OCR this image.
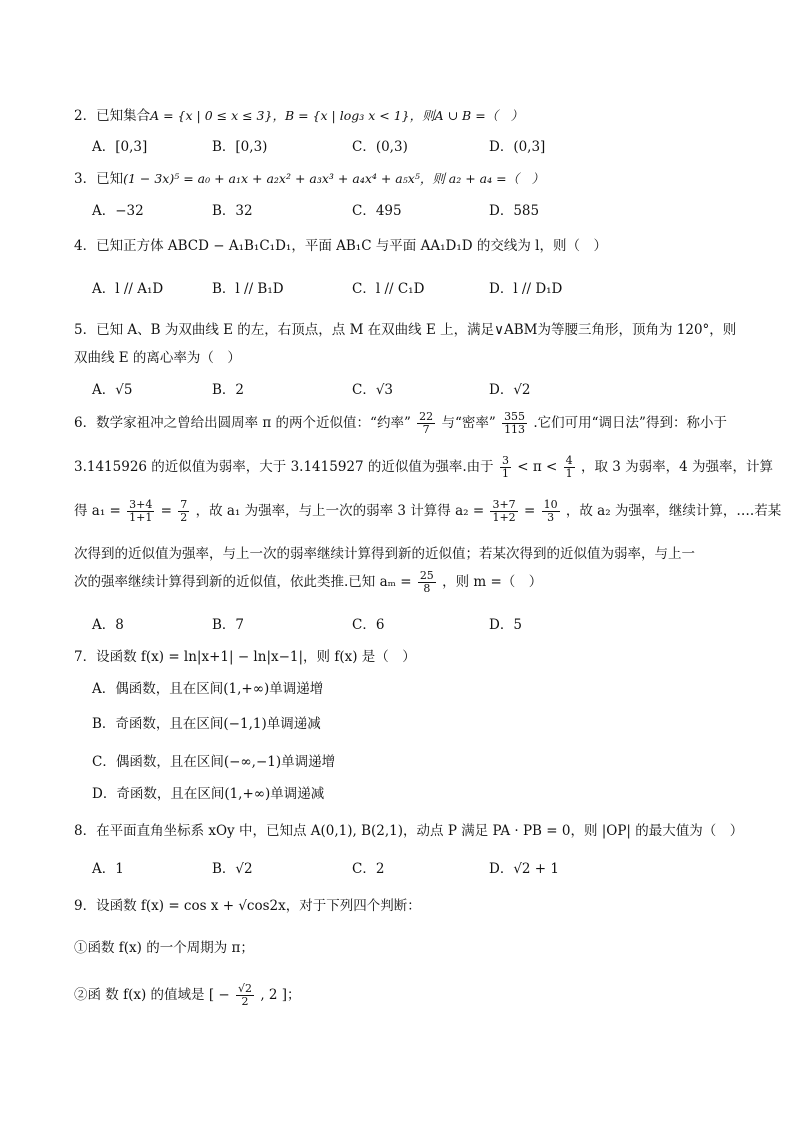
2．已知集合A = {x | 0 ≤ x ≤ 3}，B = {x | log₃ x < 1}，则A ∪ B =（　）
A．[0,3]	B．[0,3)	C．(0,3)	D．(0,3]
3．已知(1 − 3x)⁵ = a₀ + a₁x + a₂x² + a₃x³ + a₄x⁴ + a₅x⁵，则 a₂ + a₄ =（　）
A．−32	B．32	C．495	D．585
4．已知正方体 ABCD − A₁B₁C₁D₁，平面 AB₁C 与平面 AA₁D₁D 的交线为 l，则（　）
A．l // A₁D	B．l // B₁D	C．l // C₁D	D．l // D₁D
5．已知 A、B 为双曲线 E 的左，右顶点，点 M 在双曲线 E 上，满足∨ABM为等腰三角形，顶角为 120°，则
双曲线 E 的离心率为（　）
A．√5	B．2	C．√3	D．√2
6．数学家祖冲之曾给出圆周率 π 的两个近似值：“约率” $\frac{22}{7}$ 与“密率” $\frac{355}{113}$ .它们可用“调日法”得到：称小于
3.1415926 的近似值为弱率，大于 3.1415927 的近似值为强率.由于 $\frac{3}{1} < \pi < \frac{4}{1}$ ，取 3 为弱率，4 为强率，计算
得 $a_1 = \frac{3+4}{1+1} = \frac{7}{2}$ ，故 a₁ 为强率，与上一次的弱率 3 计算得 $a_2 = \frac{3+7}{1+2} = \frac{10}{3}$ ，故 a₂ 为强率，继续计算，….若某
次得到的近似值为强率，与上一次的弱率继续计算得到新的近似值；若某次得到的近似值为弱率，与上一
次的强率继续计算得到新的近似值，依此类推.已知 $a_m = \frac{25}{8}$ ，则 m =（　）
A．8	B．7	C．6	D．5
7．设函数 f(x) = ln|x+1| − ln|x−1|，则 f(x) 是（　）
A．偶函数，且在区间(1,+∞)单调递增
B．奇函数，且在区间(−1,1)单调递减
C．偶函数，且在区间(−∞,−1)单调递增
D．奇函数，且在区间(1,+∞)单调递减
8．在平面直角坐标系 xOy 中，已知点 A(0,1), B(2,1)，动点 P 满足 PA · PB = 0，则 |OP| 的最大值为（　）
A．1	B．√2	C．2	D．√2 + 1
9．设函数 f(x) = cos x + √cos2x，对于下列四个判断：
①函数 f(x) 的一个周期为 π；
②函 数 f(x) 的值域是 [ − $\frac{√2}{2}$ , 2 ]；
